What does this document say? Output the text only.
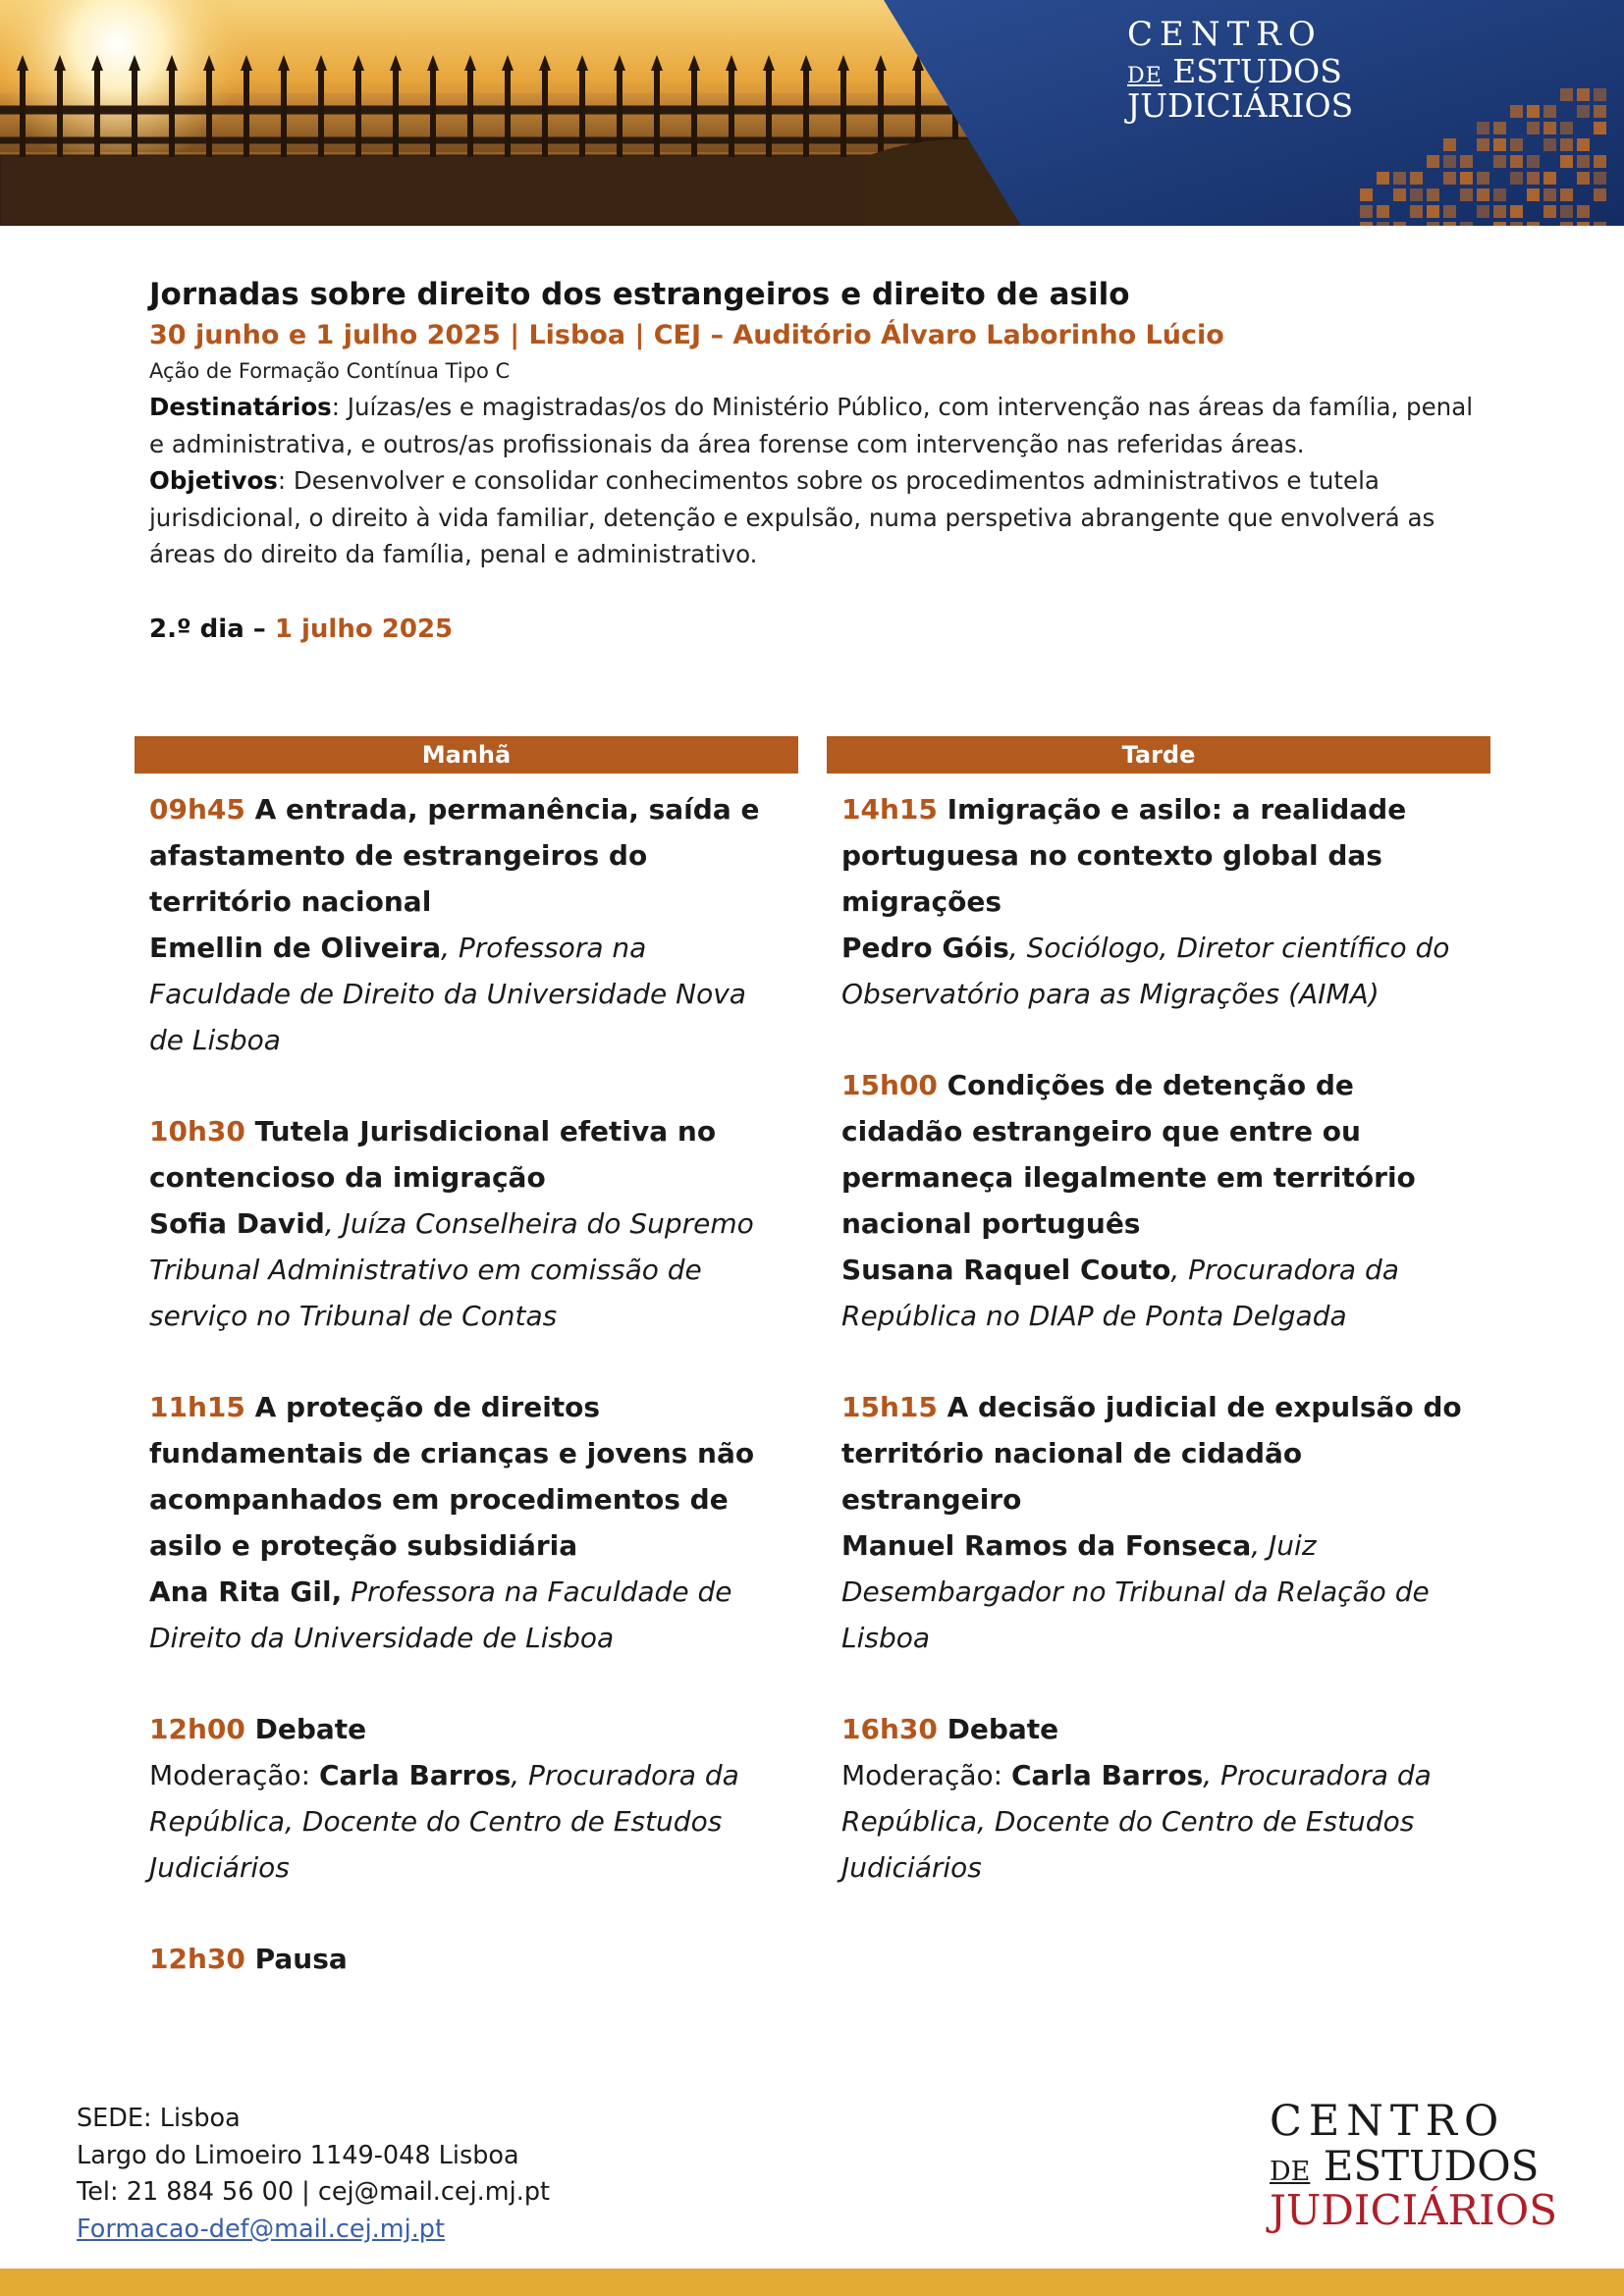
CENTRO
DE ESTUDOS
JUDICIÁRIOS
Jornadas sobre direito dos estrangeiros e direito de asilo
30 junho e 1 julho 2025 | Lisboa | CEJ – Auditório Álvaro Laborinho Lúcio
Ação de Formação Contínua Tipo C

Destinatários: Juízas/es e magistradas/os do Ministério Público, com intervenção nas áreas da família, penal e administrativa, e outros/as profissionais da área forense com intervenção nas referidas áreas.

Objetivos: Desenvolver e consolidar conhecimentos sobre os procedimentos administrativos e tutela jurisdicional, o direito à vida familiar, detenção e expulsão, numa perspetiva abrangente que envolverá as áreas do direito da família, penal e administrativo.

2.º dia – 1 julho 2025
Manhã
09h45 A entrada, permanência, saída e afastamento de estrangeiros do território nacional
Emellin de Oliveira, Professora na Faculdade de Direito da Universidade Nova de Lisboa
10h30 Tutela Jurisdicional efetiva no contencioso da imigração
Sofia David, Juíza Conselheira do Supremo Tribunal Administrativo em comissão de serviço no Tribunal de Contas
11h15 A proteção de direitos fundamentais de crianças e jovens não acompanhados em procedimentos de asilo e proteção subsidiária
Ana Rita Gil, Professora na Faculdade de Direito da Universidade de Lisboa
12h00 Debate
Moderação: Carla Barros, Procuradora da República, Docente do Centro de Estudos Judiciários
12h30 Pausa
Tarde
14h15 Imigração e asilo: a realidade portuguesa no contexto global das migrações
Pedro Góis, Sociólogo, Diretor científico do Observatório para as Migrações (AIMA)
15h00 Condições de detenção de cidadão estrangeiro que entre ou permaneça ilegalmente em território nacional português
Susana Raquel Couto, Procuradora da República no DIAP de Ponta Delgada
15h15 A decisão judicial de expulsão do território nacional de cidadão estrangeiro
Manuel Ramos da Fonseca, Juiz Desembargador no Tribunal da Relação de Lisboa
16h30 Debate
Moderação: Carla Barros, Procuradora da República, Docente do Centro de Estudos Judiciários
SEDE: Lisboa
Largo do Limoeiro 1149-048 Lisboa
Tel: 21 884 56 00 | cej@mail.cej.mj.pt
Formacao-def@mail.cej.mj.pt
CENTRO
DE ESTUDOS
JUDICIÁRIOS
